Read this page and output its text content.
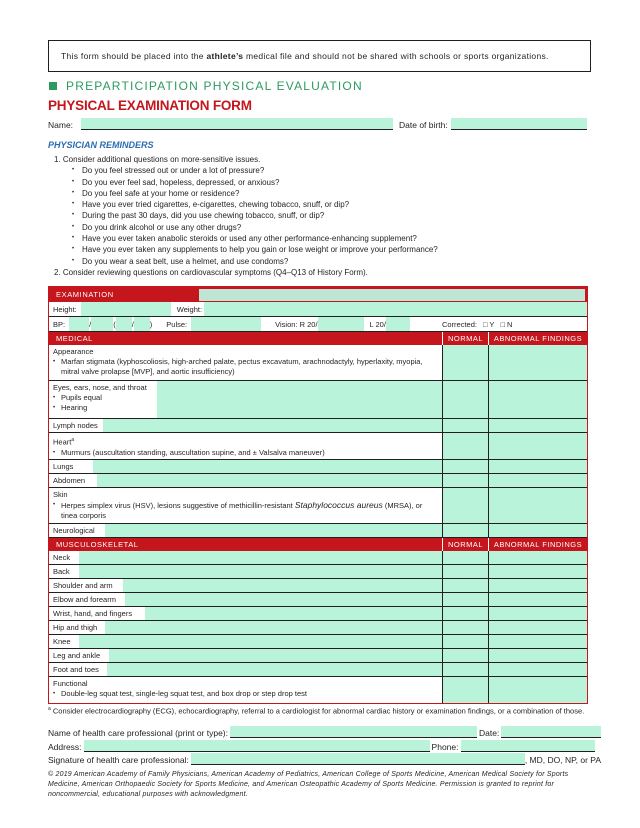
This form should be placed into the athlete’s medical file and should not be shared with schools or sports organizations.
PREPARTICIPATION PHYSICAL EVALUATION
PHYSICAL EXAMINATION FORM
Name:	Date of birth:
PHYSICIAN REMINDERS
1. Consider additional questions on more-sensitive issues.
• Do you feel stressed out or under a lot of pressure?
• Do you ever feel sad, hopeless, depressed, or anxious?
• Do you feel safe at your home or residence?
• Have you ever tried cigarettes, e-cigarettes, chewing tobacco, snuff, or dip?
• During the past 30 days, did you use chewing tobacco, snuff, or dip?
• Do you drink alcohol or use any other drugs?
• Have you ever taken anabolic steroids or used any other performance-enhancing supplement?
• Have you ever taken any supplements to help you gain or lose weight or improve your performance?
• Do you wear a seat belt, use a helmet, and use condoms?
2. Consider reviewing questions on cardiovascular symptoms (Q4–Q13 of History Form).
EXAMINATION
Height:	Weight:
BP:	/	( / ) Pulse:	Vision: R 20/	L 20/	Corrected: □ Y □ N
MEDICAL	NORMAL	ABNORMAL FINDINGS
Appearance
• Marfan stigmata (kyphoscoliosis, high-arched palate, pectus excavatum, arachnodactyly, hyperlaxity, myopia, mitral valve prolapse [MVP], and aortic insufficiency)
Eyes, ears, nose, and throat
• Pupils equal
• Hearing
Lymph nodes
Heart$^a$
• Murmurs (auscultation standing, auscultation supine, and ± Valsalva maneuver)
Lungs
Abdomen
Skin
• Herpes simplex virus (HSV), lesions suggestive of methicillin-resistant Staphylococcus aureus (MRSA), or tinea corporis
Neurological
MUSCULOSKELETAL	NORMAL	ABNORMAL FINDINGS
Neck
Back
Shoulder and arm
Elbow and forearm
Wrist, hand, and fingers
Hip and thigh
Knee
Leg and ankle
Foot and toes
Functional
• Double-leg squat test, single-leg squat test, and box drop or step drop test
$^a$ Consider electrocardiography (ECG), echocardiography, referral to a cardiologist for abnormal cardiac history or examination findings, or a combination of those.
Name of health care professional (print or type):	Date:
Address:	Phone:
Signature of health care professional:	, MD, DO, NP, or PA
© 2019 American Academy of Family Physicians, American Academy of Pediatrics, American College of Sports Medicine, American Medical Society for Sports Medicine, American Orthopaedic Society for Sports Medicine, and American Osteopathic Academy of Sports Medicine. Permission is granted to reprint for noncommercial, educational purposes with acknowledgment.
